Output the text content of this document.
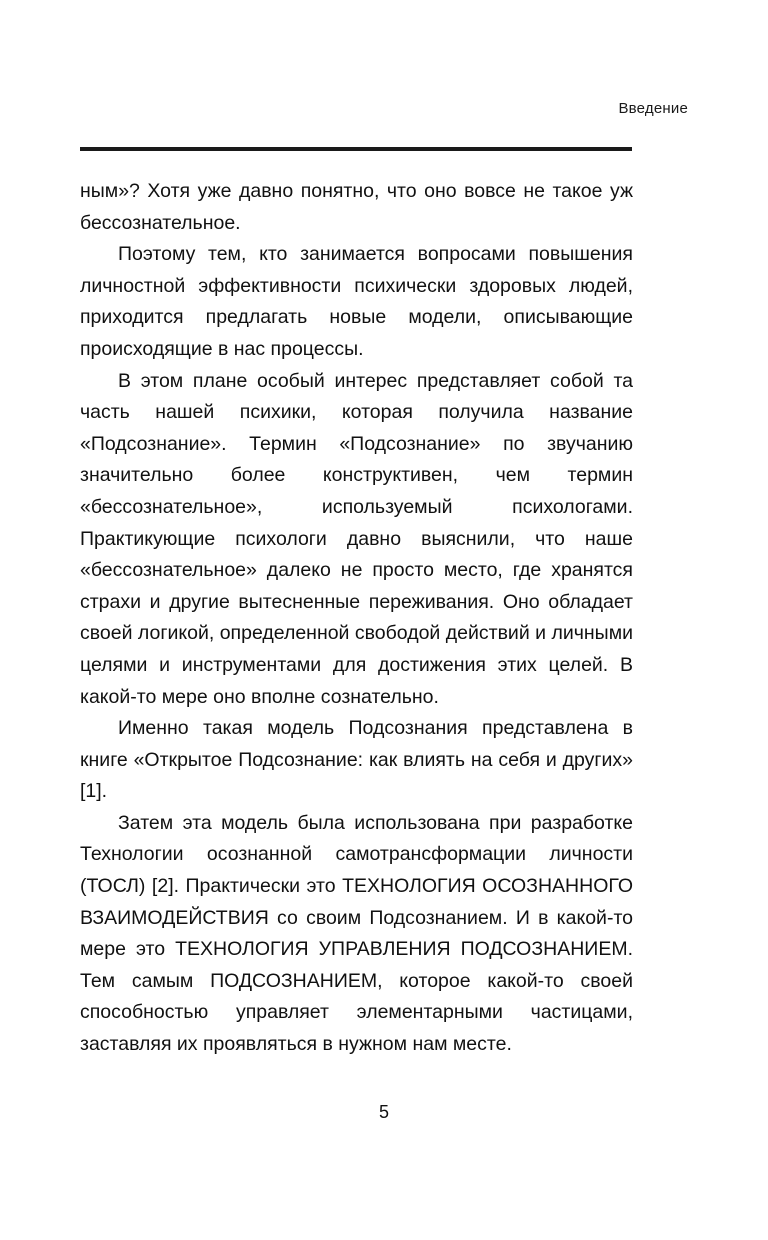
Введение

ным»? Хотя уже давно понятно, что оно вовсе не такое уж бессознательное.

Поэтому тем, кто занимается вопросами повышения личностной эффективности психически здоровых людей, приходится предлагать новые модели, описывающие происходящие в нас процессы.

В этом плане особый интерес представляет собой та часть нашей психики, которая получила название «Подсознание». Термин «Подсознание» по звучанию значительно более конструктивен, чем термин «бессознательное», используемый психологами. Практикующие психологи давно выяснили, что наше «бессознательное» далеко не просто место, где хранятся страхи и другие вытесненные переживания. Оно обладает своей логикой, определенной свободой действий и личными целями и инструментами для достижения этих целей. В какой-то мере оно вполне сознательно.

Именно такая модель Подсознания представлена в книге «Открытое Подсознание: как влиять на себя и других» [1].

Затем эта модель была использована при разработке Технологии осознанной самотрансформации личности (ТОСЛ) [2]. Практически это ТЕХНОЛОГИЯ ОСОЗНАННОГО ВЗАИМОДЕЙСТВИЯ со своим Подсознанием. И в какой-то мере это ТЕХНОЛОГИЯ УПРАВЛЕНИЯ ПОДСОЗНАНИЕМ. Тем самым ПОДСОЗНАНИЕМ, которое какой-то своей способностью управляет элементарными частицами, заставляя их проявляться в нужном нам месте.

5
